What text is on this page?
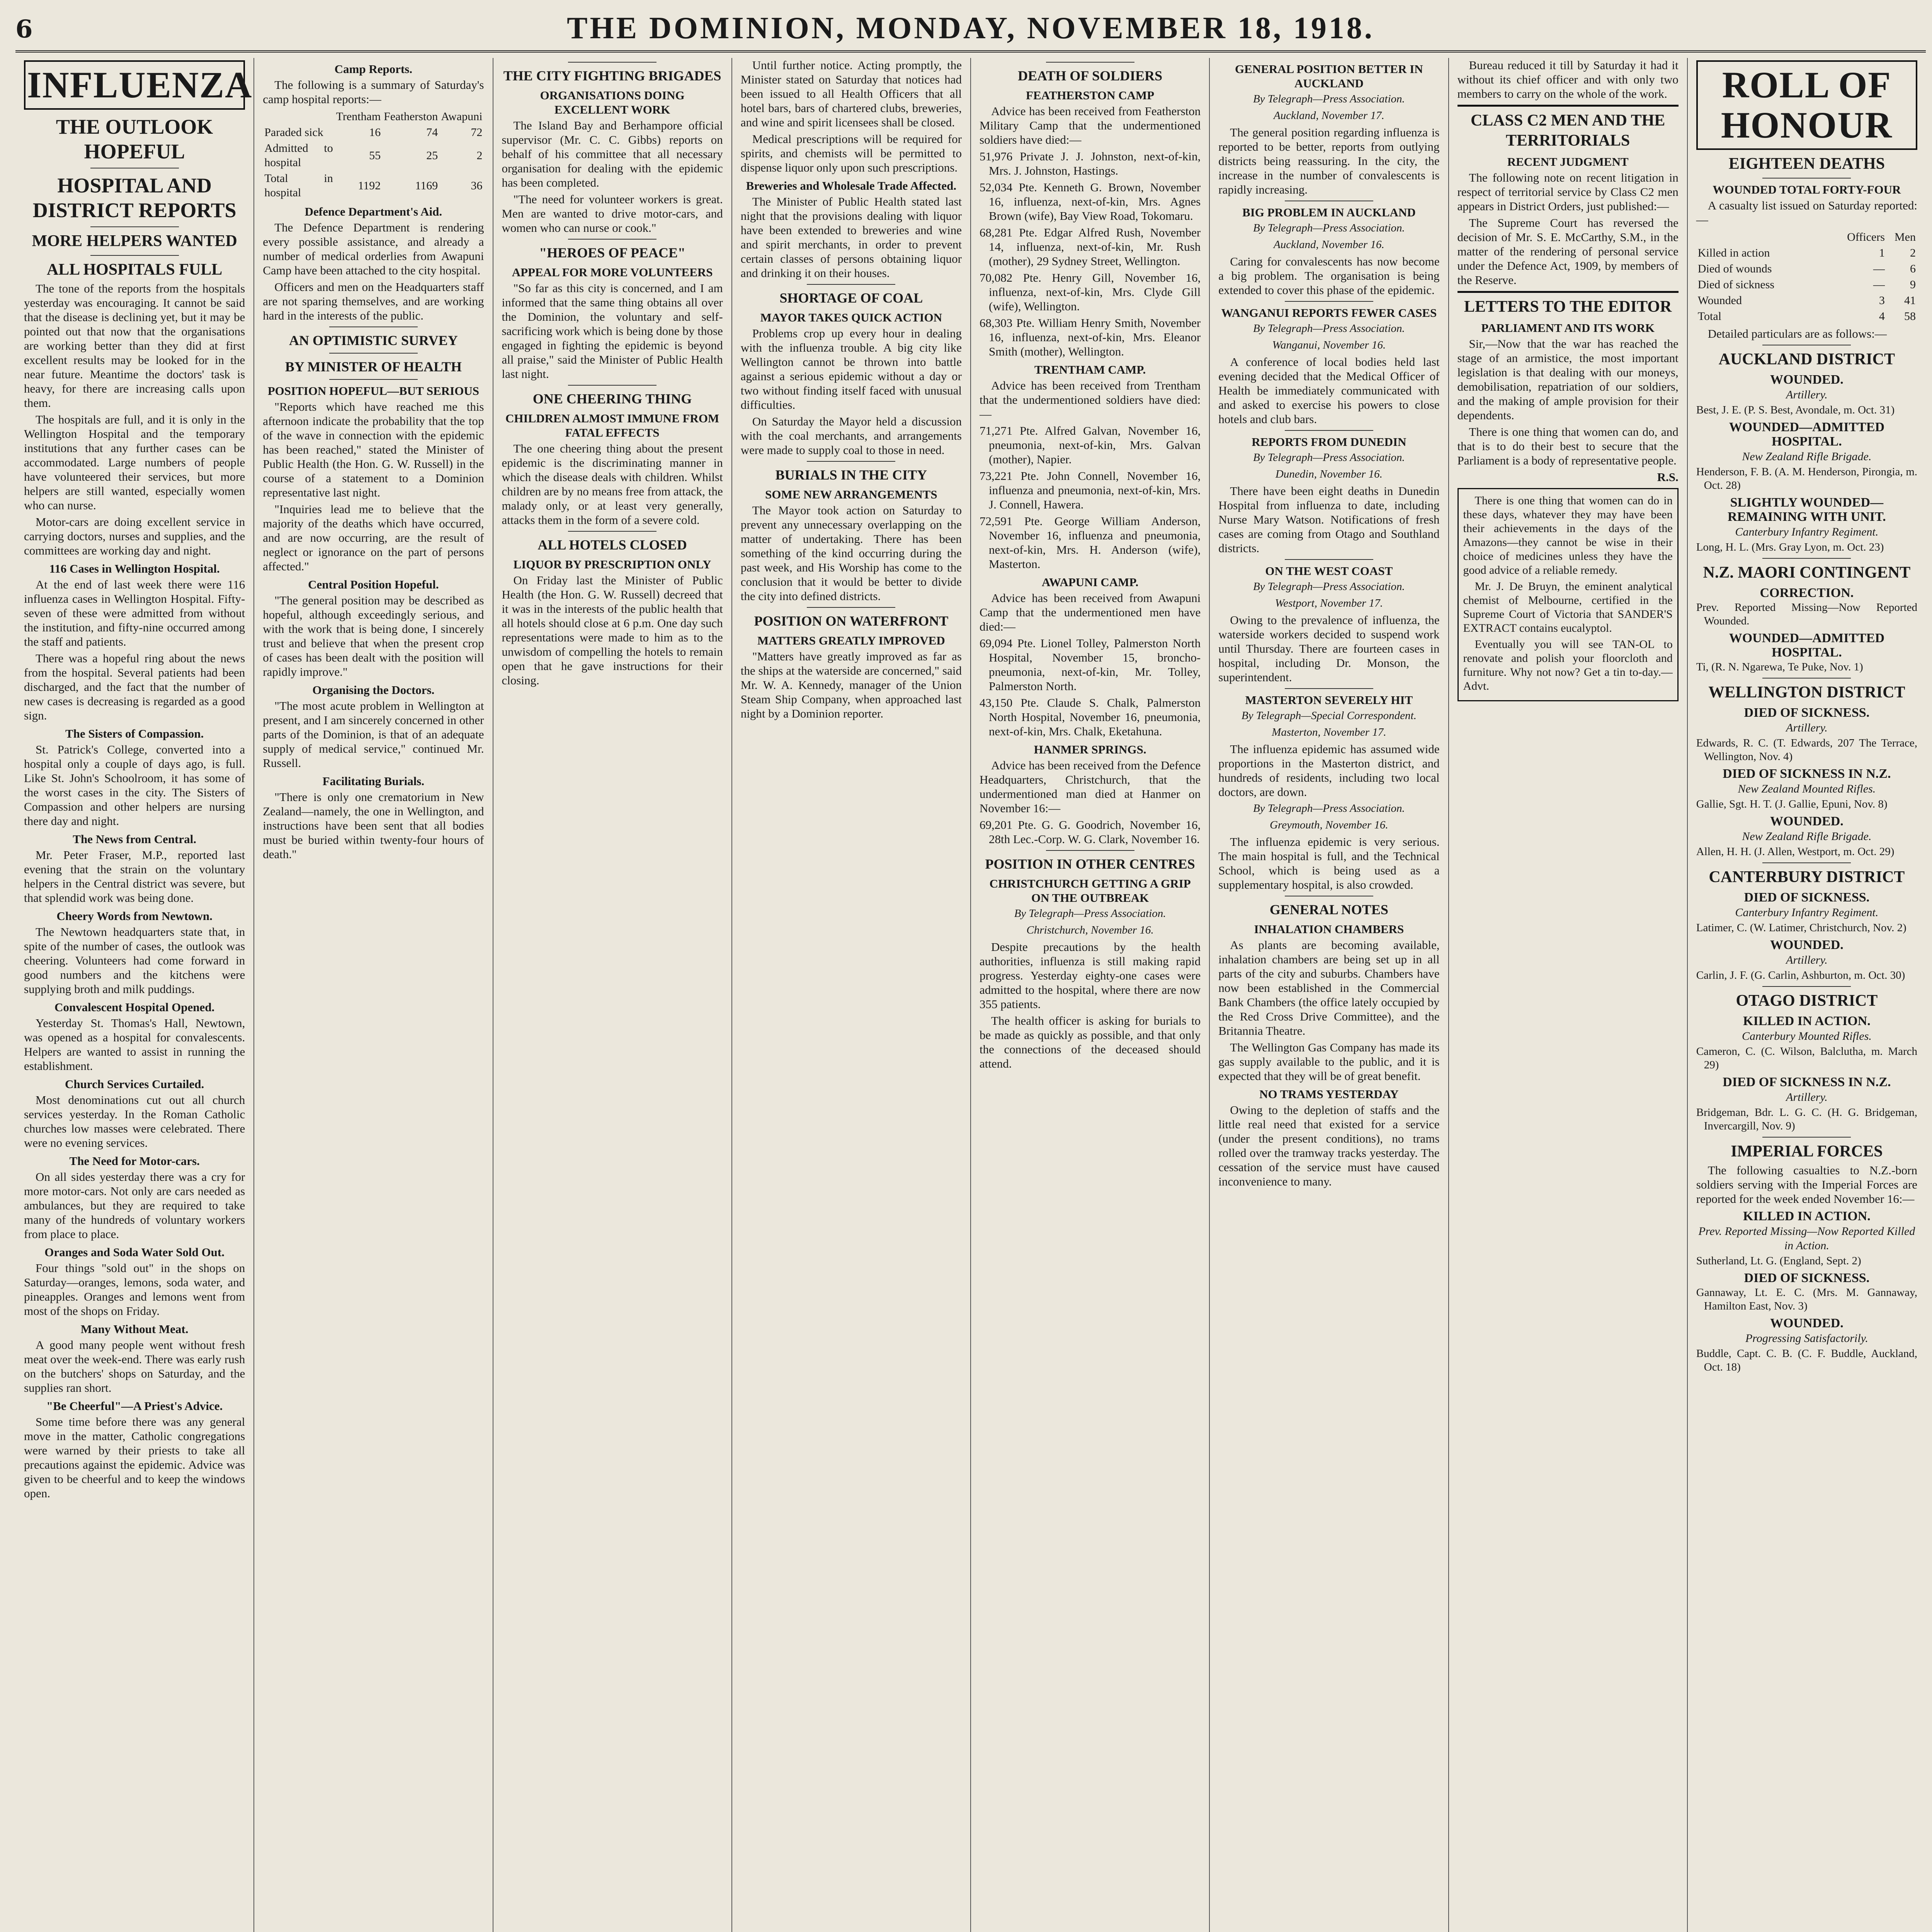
6	THE DOMINION, MONDAY, NOVEMBER 18, 1918.
INFLUENZA
THE OUTLOOK HOPEFUL
HOSPITAL AND DISTRICT REPORTS
MORE HELPERS WANTED
ALL HOSPITALS FULL

The tone of the reports from the hospitals yesterday was encouraging. It cannot be said that the disease is declining yet, but it may be pointed out that now that the organisations are working better than they did at first excellent results may be looked for in the near future. Meantime the doctors' task is heavy, for there are increasing calls upon them.

The hospitals are full, and it is only in the Wellington Hospital and the temporary institutions that any further cases can be accommodated. Large numbers of people have volunteered their services, but more helpers are still wanted, especially women who can nurse.

Motor-cars are doing excellent service in carrying doctors, nurses and supplies, and the committees are working day and night.

116 Cases in Wellington Hospital.

At the end of last week there were 116 influenza cases in Wellington Hospital. Fifty-seven of these were admitted from without the institution, and fifty-nine occurred among the staff and patients.

There was a hopeful ring about the news from the hospital. Several patients had been discharged, and the fact that the number of new cases is decreasing is regarded as a good sign.

The Sisters of Compassion.

St. Patrick's College, converted into a hospital only a couple of days ago, is full. Like St. John's Schoolroom, it has some of the worst cases in the city. The Sisters of Compassion and other helpers are nursing there day and night.

The News from Central.

Mr. Peter Fraser, M.P., reported last evening that the strain on the voluntary helpers in the Central district was severe, but that splendid work was being done.

Cheery Words from Newtown.

The Newtown headquarters state that, in spite of the number of cases, the outlook was cheering. Volunteers had come forward in good numbers and the kitchens were supplying broth and milk puddings.

Convalescent Hospital Opened.

Yesterday St. Thomas's Hall, Newtown, was opened as a hospital for convalescents. Helpers are wanted to assist in running the establishment.

Church Services Curtailed.

Most denominations cut out all church services yesterday. In the Roman Catholic churches low masses were celebrated. There were no evening services.

The Need for Motor-cars.

On all sides yesterday there was a cry for more motor-cars. Not only are cars needed as ambulances, but they are required to take many of the hundreds of voluntary workers from place to place.

Oranges and Soda Water Sold Out.

Four things "sold out" in the shops on Saturday—oranges, lemons, soda water, and pineapples. Oranges and lemons went from most of the shops on Friday.

Many Without Meat.

A good many people went without fresh meat over the week-end. There was early rush on the butchers' shops on Saturday, and the supplies ran short.

"Be Cheerful"—A Priest's Advice.

Some time before there was any general move in the matter, Catholic congregations were warned by their priests to take all precautions against the epidemic. Advice was given to be cheerful and to keep the windows open.

Camp Reports.

The following is a summary of Saturday's camp hospital reports:—

	Trentham	Featherston	Awapuni
Paraded sick	16	74	72
Admitted to hospital	55	25	2
Total in hospital	1192	1169	36
Defence Department's Aid.

The Defence Department is rendering every possible assistance, and already a number of medical orderlies from Awapuni Camp have been attached to the city hospital.

Officers and men on the Headquarters staff are not sparing themselves, and are working hard in the interests of the public.

AN OPTIMISTIC SURVEY
BY MINISTER OF HEALTH
POSITION HOPEFUL—BUT SERIOUS

"Reports which have reached me this afternoon indicate the probability that the top of the wave in connection with the epidemic has been reached," stated the Minister of Public Health (the Hon. G. W. Russell) in the course of a statement to a Dominion representative last night.

"Inquiries lead me to believe that the majority of the deaths which have occurred, and are now occurring, are the result of neglect or ignorance on the part of persons affected."

Central Position Hopeful.

"The general position may be described as hopeful, although exceedingly serious, and with the work that is being done, I sincerely trust and believe that when the present crop of cases has been dealt with the position will rapidly improve."

Organising the Doctors.

"The most acute problem in Wellington at present, and I am sincerely concerned in other parts of the Dominion, is that of an adequate supply of medical service," continued Mr. Russell.

Facilitating Burials.

"There is only one crematorium in New Zealand—namely, the one in Wellington, and instructions have been sent that all bodies must be buried within twenty-four hours of death."

THE CITY FIGHTING BRIGADES
ORGANISATIONS DOING EXCELLENT WORK

The Island Bay and Berhampore official supervisor (Mr. C. C. Gibbs) reports on behalf of his committee that all necessary organisation for dealing with the epidemic has been completed.

"The need for volunteer workers is great. Men are wanted to drive motor-cars, and women who can nurse or cook."

"HEROES OF PEACE"
APPEAL FOR MORE VOLUNTEERS

"So far as this city is concerned, and I am informed that the same thing obtains all over the Dominion, the voluntary and self-sacrificing work which is being done by those engaged in fighting the epidemic is beyond all praise," said the Minister of Public Health last night.

ONE CHEERING THING
CHILDREN ALMOST IMMUNE FROM FATAL EFFECTS

The one cheering thing about the present epidemic is the discriminating manner in which the disease deals with children. Whilst children are by no means free from attack, the malady only, or at least very generally, attacks them in the form of a severe cold.

ALL HOTELS CLOSED
LIQUOR BY PRESCRIPTION ONLY

On Friday last the Minister of Public Health (the Hon. G. W. Russell) decreed that it was in the interests of the public health that all hotels should close at 6 p.m. One day such representations were made to him as to the unwisdom of compelling the hotels to remain open that he gave instructions for their closing.

Until further notice. Acting promptly, the Minister stated on Saturday that notices had been issued to all Health Officers that all hotel bars, bars of chartered clubs, breweries, and wine and spirit licensees shall be closed.

Medical prescriptions will be required for spirits, and chemists will be permitted to dispense liquor only upon such prescriptions.

Breweries and Wholesale Trade Affected.

The Minister of Public Health stated last night that the provisions dealing with liquor have been extended to breweries and wine and spirit merchants, in order to prevent certain classes of persons obtaining liquor and drinking it on their houses.

SHORTAGE OF COAL
MAYOR TAKES QUICK ACTION

Problems crop up every hour in dealing with the influenza trouble. A big city like Wellington cannot be thrown into battle against a serious epidemic without a day or two without finding itself faced with unusual difficulties.

On Saturday the Mayor held a discussion with the coal merchants, and arrangements were made to supply coal to those in need.

BURIALS IN THE CITY
SOME NEW ARRANGEMENTS

The Mayor took action on Saturday to prevent any unnecessary overlapping on the matter of undertaking. There has been something of the kind occurring during the past week, and His Worship has come to the conclusion that it would be better to divide the city into defined districts.

POSITION ON WATERFRONT
MATTERS GREATLY IMPROVED

"Matters have greatly improved as far as the ships at the waterside are concerned," said Mr. W. A. Kennedy, manager of the Union Steam Ship Company, when approached last night by a Dominion reporter.

DEATH OF SOLDIERS
FEATHERSTON CAMP

Advice has been received from Featherston Military Camp that the undermentioned soldiers have died:—

51,976 Private J. J. Johnston, next-of-kin, Mrs. J. Johnston, Hastings.
52,034 Pte. Kenneth G. Brown, November 16, influenza, next-of-kin, Mrs. Agnes Brown (wife), Bay View Road, Tokomaru.
68,281 Pte. Edgar Alfred Rush, November 14, influenza, next-of-kin, Mr. Rush (mother), 29 Sydney Street, Wellington.
70,082 Pte. Henry Gill, November 16, influenza, next-of-kin, Mrs. Clyde Gill (wife), Wellington.
68,303 Pte. William Henry Smith, November 16, influenza, next-of-kin, Mrs. Eleanor Smith (mother), Wellington.
TRENTHAM CAMP.

Advice has been received from Trentham that the undermentioned soldiers have died:—

71,271 Pte. Alfred Galvan, November 16, pneumonia, next-of-kin, Mrs. Galvan (mother), Napier.
73,221 Pte. John Connell, November 16, influenza and pneumonia, next-of-kin, Mrs. J. Connell, Hawera.
72,591 Pte. George William Anderson, November 16, influenza and pneumonia, next-of-kin, Mrs. H. Anderson (wife), Masterton.
AWAPUNI CAMP.

Advice has been received from Awapuni Camp that the undermentioned men have died:—

69,094 Pte. Lionel Tolley, Palmerston North Hospital, November 15, broncho-pneumonia, next-of-kin, Mr. Tolley, Palmerston North.
43,150 Pte. Claude S. Chalk, Palmerston North Hospital, November 16, pneumonia, next-of-kin, Mrs. Chalk, Eketahuna.
HANMER SPRINGS.

Advice has been received from the Defence Headquarters, Christchurch, that the undermentioned man died at Hanmer on November 16:—

69,201 Pte. G. G. Goodrich, November 16, 28th Lec.-Corp. W. G. Clark, November 16.
POSITION IN OTHER CENTRES
CHRISTCHURCH GETTING A GRIP ON THE OUTBREAK
By Telegraph—Press Association.
Christchurch, November 16.

Despite precautions by the health authorities, influenza is still making rapid progress. Yesterday eighty-one cases were admitted to the hospital, where there are now 355 patients.

The health officer is asking for burials to be made as quickly as possible, and that only the connections of the deceased should attend.

GENERAL POSITION BETTER IN AUCKLAND
By Telegraph—Press Association.
Auckland, November 17.

The general position regarding influenza is reported to be better, reports from outlying districts being reassuring. In the city, the increase in the number of convalescents is rapidly increasing.

BIG PROBLEM IN AUCKLAND
By Telegraph—Press Association.
Auckland, November 16.

Caring for convalescents has now become a big problem. The organisation is being extended to cover this phase of the epidemic.

WANGANUI REPORTS FEWER CASES
By Telegraph—Press Association.
Wanganui, November 16.

A conference of local bodies held last evening decided that the Medical Officer of Health be immediately communicated with and asked to exercise his powers to close hotels and club bars.

REPORTS FROM DUNEDIN
By Telegraph—Press Association.
Dunedin, November 16.

There have been eight deaths in Dunedin Hospital from influenza to date, including Nurse Mary Watson. Notifications of fresh cases are coming from Otago and Southland districts.

ON THE WEST COAST
By Telegraph—Press Association.
Westport, November 17.

Owing to the prevalence of influenza, the waterside workers decided to suspend work until Thursday. There are fourteen cases in hospital, including Dr. Monson, the superintendent.

MASTERTON SEVERELY HIT
By Telegraph—Special Correspondent.
Masterton, November 17.

The influenza epidemic has assumed wide proportions in the Masterton district, and hundreds of residents, including two local doctors, are down.

By Telegraph—Press Association.
Greymouth, November 16.

The influenza epidemic is very serious. The main hospital is full, and the Technical School, which is being used as a supplementary hospital, is also crowded.

GENERAL NOTES
INHALATION CHAMBERS

As plants are becoming available, inhalation chambers are being set up in all parts of the city and suburbs. Chambers have now been established in the Commercial Bank Chambers (the office lately occupied by the Red Cross Drive Committee), and the Britannia Theatre.

The Wellington Gas Company has made its gas supply available to the public, and it is expected that they will be of great benefit.

NO TRAMS YESTERDAY

Owing to the depletion of staffs and the little real need that existed for a service (under the present conditions), no trams rolled over the tramway tracks yesterday. The cessation of the service must have caused inconvenience to many.

Bureau reduced it till by Saturday it had it without its chief officer and with only two members to carry on the whole of the work.

CLASS C2 MEN AND THE TERRITORIALS
RECENT JUDGMENT

The following note on recent litigation in respect of territorial service by Class C2 men appears in District Orders, just published:—

The Supreme Court has reversed the decision of Mr. S. E. McCarthy, S.M., in the matter of the rendering of personal service under the Defence Act, 1909, by members of the Reserve.

LETTERS TO THE EDITOR
PARLIAMENT AND ITS WORK

Sir,—Now that the war has reached the stage of an armistice, the most important legislation is that dealing with our moneys, demobilisation, repatriation of our soldiers, and the making of ample provision for their dependents.

There is one thing that women can do, and that is to do their best to secure that the Parliament is a body of representative people.

R.S.

There is one thing that women can do in these days, whatever they may have been their achievements in the days of the Amazons—they cannot be wise in their choice of medicines unless they have the good advice of a reliable remedy.

Mr. J. De Bruyn, the eminent analytical chemist of Melbourne, certified in the Supreme Court of Victoria that SANDER'S EXTRACT contains eucalyptol.

Eventually you will see TAN-OL to renovate and polish your floorcloth and furniture. Why not now? Get a tin to-day.—Advt.

ROLL OF HONOUR
EIGHTEEN DEATHS
WOUNDED TOTAL FORTY-FOUR

A casualty list issued on Saturday reported:—

	Officers	Men
Killed in action	1	2
Died of wounds	—	6
Died of sickness	—	9
Wounded	3	41
Total	4	58

Detailed particulars are as follows:—

AUCKLAND DISTRICT
WOUNDED.
Artillery.
Best, J. E. (P. S. Best, Avondale, m. Oct. 31)
WOUNDED—ADMITTED HOSPITAL.
New Zealand Rifle Brigade.
Henderson, F. B. (A. M. Henderson, Pirongia, m. Oct. 28)
SLIGHTLY WOUNDED—REMAINING WITH UNIT.
Canterbury Infantry Regiment.
Long, H. L. (Mrs. Gray Lyon, m. Oct. 23)
N.Z. MAORI CONTINGENT
CORRECTION.
Prev. Reported Missing—Now Reported Wounded.
WOUNDED—ADMITTED HOSPITAL.
Ti, (R. N. Ngarewa, Te Puke, Nov. 1)
WELLINGTON DISTRICT
DIED OF SICKNESS.
Artillery.
Edwards, R. C. (T. Edwards, 207 The Terrace, Wellington, Nov. 4)
DIED OF SICKNESS IN N.Z.
New Zealand Mounted Rifles.
Gallie, Sgt. H. T. (J. Gallie, Epuni, Nov. 8)
WOUNDED.
New Zealand Rifle Brigade.
Allen, H. H. (J. Allen, Westport, m. Oct. 29)
CANTERBURY DISTRICT
DIED OF SICKNESS.
Canterbury Infantry Regiment.
Latimer, C. (W. Latimer, Christchurch, Nov. 2)
WOUNDED.
Artillery.
Carlin, J. F. (G. Carlin, Ashburton, m. Oct. 30)
OTAGO DISTRICT
KILLED IN ACTION.
Canterbury Mounted Rifles.
Cameron, C. (C. Wilson, Balclutha, m. March 29)
DIED OF SICKNESS IN N.Z.
Artillery.
Bridgeman, Bdr. L. G. C. (H. G. Bridgeman, Invercargill, Nov. 9)
IMPERIAL FORCES

The following casualties to N.Z.-born soldiers serving with the Imperial Forces are reported for the week ended November 16:—

KILLED IN ACTION.
Prev. Reported Missing—Now Reported Killed in Action.
Sutherland, Lt. G. (England, Sept. 2)
DIED OF SICKNESS.
Gannaway, Lt. E. C. (Mrs. M. Gannaway, Hamilton East, Nov. 3)
WOUNDED.
Progressing Satisfactorily.
Buddle, Capt. C. B. (C. F. Buddle, Auckland, Oct. 18)
